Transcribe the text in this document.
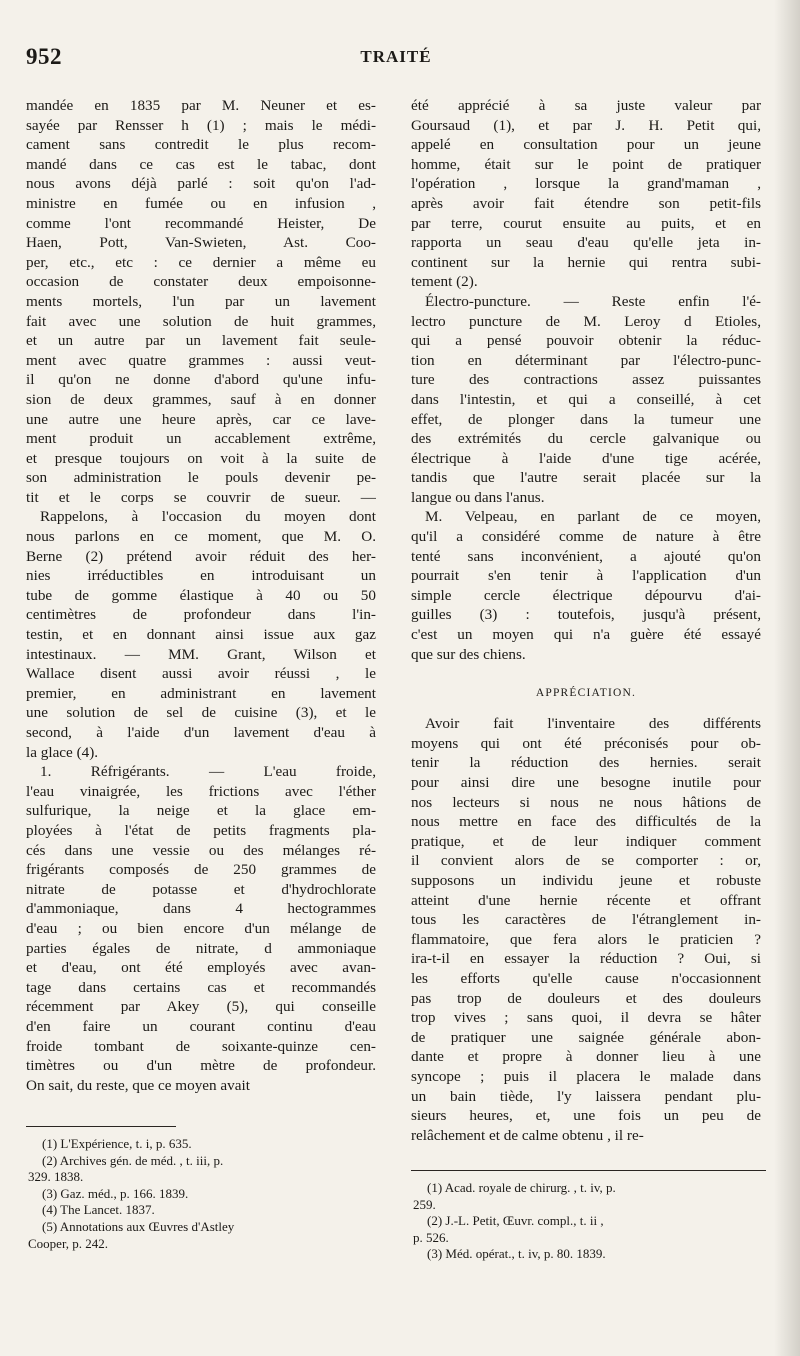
952	TRAITÉ
mandée en 1835 par M. Neuner et es-
sayée par Rensser h (1) ; mais le médi-
cament sans contredit le plus recom-
mandé dans ce cas est le tabac, dont
nous avons déjà parlé : soit qu'on l'ad-
ministre en fumée ou en infusion ,
comme l'ont recommandé Heister, De
Haen, Pott, Van-Swieten, Ast. Coo-
per, etc., etc : ce dernier a même eu
occasion de constater deux empoisonne-
ments mortels, l'un par un lavement
fait avec une solution de huit grammes,
et un autre par un lavement fait seule-
ment avec quatre grammes : aussi veut-
il qu'on ne donne d'abord qu'une infu-
sion de deux grammes, sauf à en donner
une autre une heure après, car ce lave-
ment produit un accablement extrême,
et presque toujours on voit à la suite de
son administration le pouls devenir pe-
tit et le corps se couvrir de sueur. —
Rappelons, à l'occasion du moyen dont
nous parlons en ce moment, que M. O.
Berne (2) prétend avoir réduit des her-
nies irréductibles en introduisant un
tube de gomme élastique à 40 ou 50
centimètres de profondeur dans l'in-
testin, et en donnant ainsi issue aux gaz
intestinaux. — MM. Grant, Wilson et
Wallace disent aussi avoir réussi , le
premier, en administrant en lavement
une solution de sel de cuisine (3), et le
second, à l'aide d'un lavement d'eau à
la glace (4).
1. Réfrigérants. — L'eau froide,
l'eau vinaigrée, les frictions avec l'éther
sulfurique, la neige et la glace em-
ployées à l'état de petits fragments pla-
cés dans une vessie ou des mélanges ré-
frigérants composés de 250 grammes de
nitrate de potasse et d'hydrochlorate
d'ammoniaque, dans 4 hectogrammes
d'eau ; ou bien encore d'un mélange de
parties égales de nitrate, d ammoniaque
et d'eau, ont été employés avec avan-
tage dans certains cas et recommandés
récemment par Akey (5), qui conseille
d'en faire un courant continu d'eau
froide tombant de soixante-quinze cen-
timètres ou d'un mètre de profondeur.
On sait, du reste, que ce moyen avait
été apprécié à sa juste valeur par
Goursaud (1), et par J. H. Petit qui,
appelé en consultation pour un jeune
homme, était sur le point de pratiquer
l'opération , lorsque la grand'maman ,
après avoir fait étendre son petit-fils
par terre, courut ensuite au puits, et en
rapporta un seau d'eau qu'elle jeta in-
continent sur la hernie qui rentra subi-
tement (2).
Électro-puncture. — Reste enfin l'é-
lectro puncture de M. Leroy d Etioles,
qui a pensé pouvoir obtenir la réduc-
tion en déterminant par l'électro-punc-
ture des contractions assez puissantes
dans l'intestin, et qui a conseillé, à cet
effet, de plonger dans la tumeur une
des extrémités du cercle galvanique ou
électrique à l'aide d'une tige acérée,
tandis que l'autre serait placée sur la
langue ou dans l'anus.
M. Velpeau, en parlant de ce moyen,
qu'il a considéré comme de nature à être
tenté sans inconvénient, a ajouté qu'on
pourrait s'en tenir à l'application d'un
simple cercle électrique dépourvu d'ai-
guilles (3) : toutefois, jusqu'à présent,
c'est un moyen qui n'a guère été essayé
que sur des chiens.
APPRÉCIATION.
Avoir fait l'inventaire des différents
moyens qui ont été préconisés pour ob-
tenir la réduction des hernies. serait
pour ainsi dire une besogne inutile pour
nos lecteurs si nous ne nous hâtions de
nous mettre en face des difficultés de la
pratique, et de leur indiquer comment
il convient alors de se comporter : or,
supposons un individu jeune et robuste
atteint d'une hernie récente et offrant
tous les caractères de l'étranglement in-
flammatoire, que fera alors le praticien ?
ira-t-il en essayer la réduction ? Oui, si
les efforts qu'elle cause n'occasionnent
pas trop de douleurs et des douleurs
trop vives ; sans quoi, il devra se hâter
de pratiquer une saignée générale abon-
dante et propre à donner lieu à une
syncope ; puis il placera le malade dans
un bain tiède, l'y laissera pendant plu-
sieurs heures, et, une fois un peu de
relâchement et de calme obtenu , il re-
(1) L'Expérience, t. i, p. 635.
(2) Archives gén. de méd. , t. iii, p.
329. 1838.
(3) Gaz. méd., p. 166. 1839.
(4) The Lancet. 1837.
(5) Annotations aux Œuvres d'Astley
Cooper, p. 242.
(1) Acad. royale de chirurg. , t. iv, p.
259.
(2) J.-L. Petit, Œuvr. compl., t. ii ,
p. 526.
(3) Méd. opérat., t. iv, p. 80. 1839.
